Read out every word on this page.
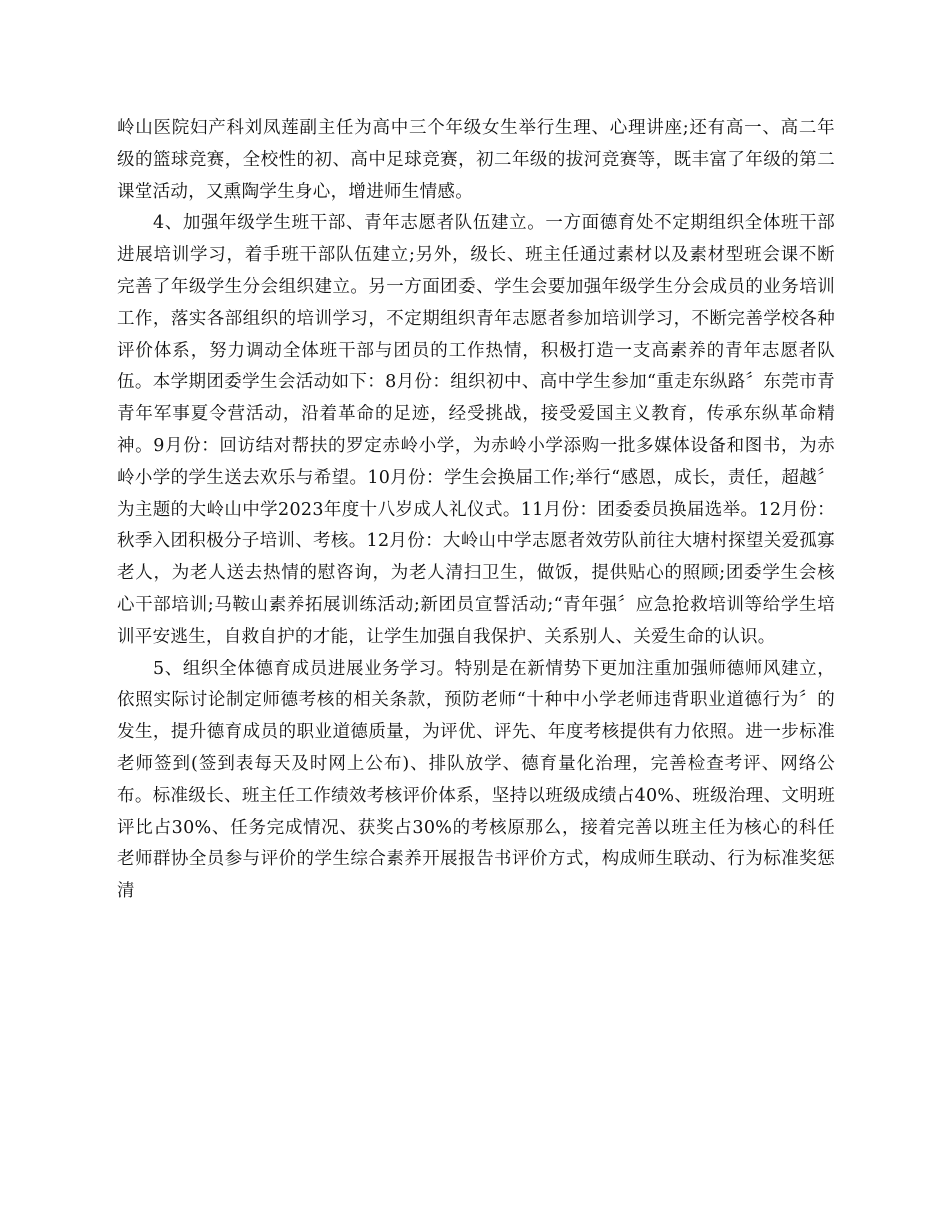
岭山医院妇产科刘凤莲副主任为高中三个年级女生举行生理、心理讲座;还有高一、高二年级的篮球竞赛，全校性的初、高中足球竞赛，初二年级的拔河竞赛等，既丰富了年级的第二课堂活动，又熏陶学生身心，增进师生情感。

4、加强年级学生班干部、青年志愿者队伍建立。一方面德育处不定期组织全体班干部进展培训学习，着手班干部队伍建立;另外，级长、班主任通过素材以及素材型班会课不断完善了年级学生分会组织建立。另一方面团委、学生会要加强年级学生分会成员的业务培训工作，落实各部组织的培训学习，不定期组织青年志愿者参加培训学习，不断完善学校各种评价体系，努力调动全体班干部与团员的工作热情，积极打造一支高素养的青年志愿者队伍。本学期团委学生会活动如下：8月份：组织初中、高中学生参加“重走东纵路〞东莞市青青年军事夏令营活动，沿着革命的足迹，经受挑战，接受爱国主义教育，传承东纵革命精神。9月份：回访结对帮扶的罗定赤岭小学，为赤岭小学添购一批多媒体设备和图书，为赤岭小学的学生送去欢乐与希望。10月份：学生会换届工作;举行“感恩，成长，责任，超越〞为主题的大岭山中学2023年度十八岁成人礼仪式。11月份：团委委员换届选举。12月份：秋季入团积极分子培训、考核。12月份：大岭山中学志愿者效劳队前往大塘村探望关爱孤寡老人，为老人送去热情的慰咨询，为老人清扫卫生，做饭，提供贴心的照顾;团委学生会核心干部培训;马鞍山素养拓展训练活动;新团员宣誓活动;“青年强〞应急抢救培训等给学生培训平安逃生，自救自护的才能，让学生加强自我保护、关系别人、关爱生命的认识。

5、组织全体德育成员进展业务学习。特别是在新情势下更加注重加强师德师风建立，依照实际讨论制定师德考核的相关条款，预防老师“十种中小学老师违背职业道德行为〞的发生，提升德育成员的职业道德质量，为评优、评先、年度考核提供有力依照。进一步标准老师签到(签到表每天及时网上公布)、排队放学、德育量化治理，完善检查考评、网络公布。标准级长、班主任工作绩效考核评价体系，坚持以班级成绩占40%、班级治理、文明班评比占30%、任务完成情况、获奖占30%的考核原那么，接着完善以班主任为核心的科任老师群协全员参与评价的学生综合素养开展报告书评价方式，构成师生联动、行为标准奖惩清
